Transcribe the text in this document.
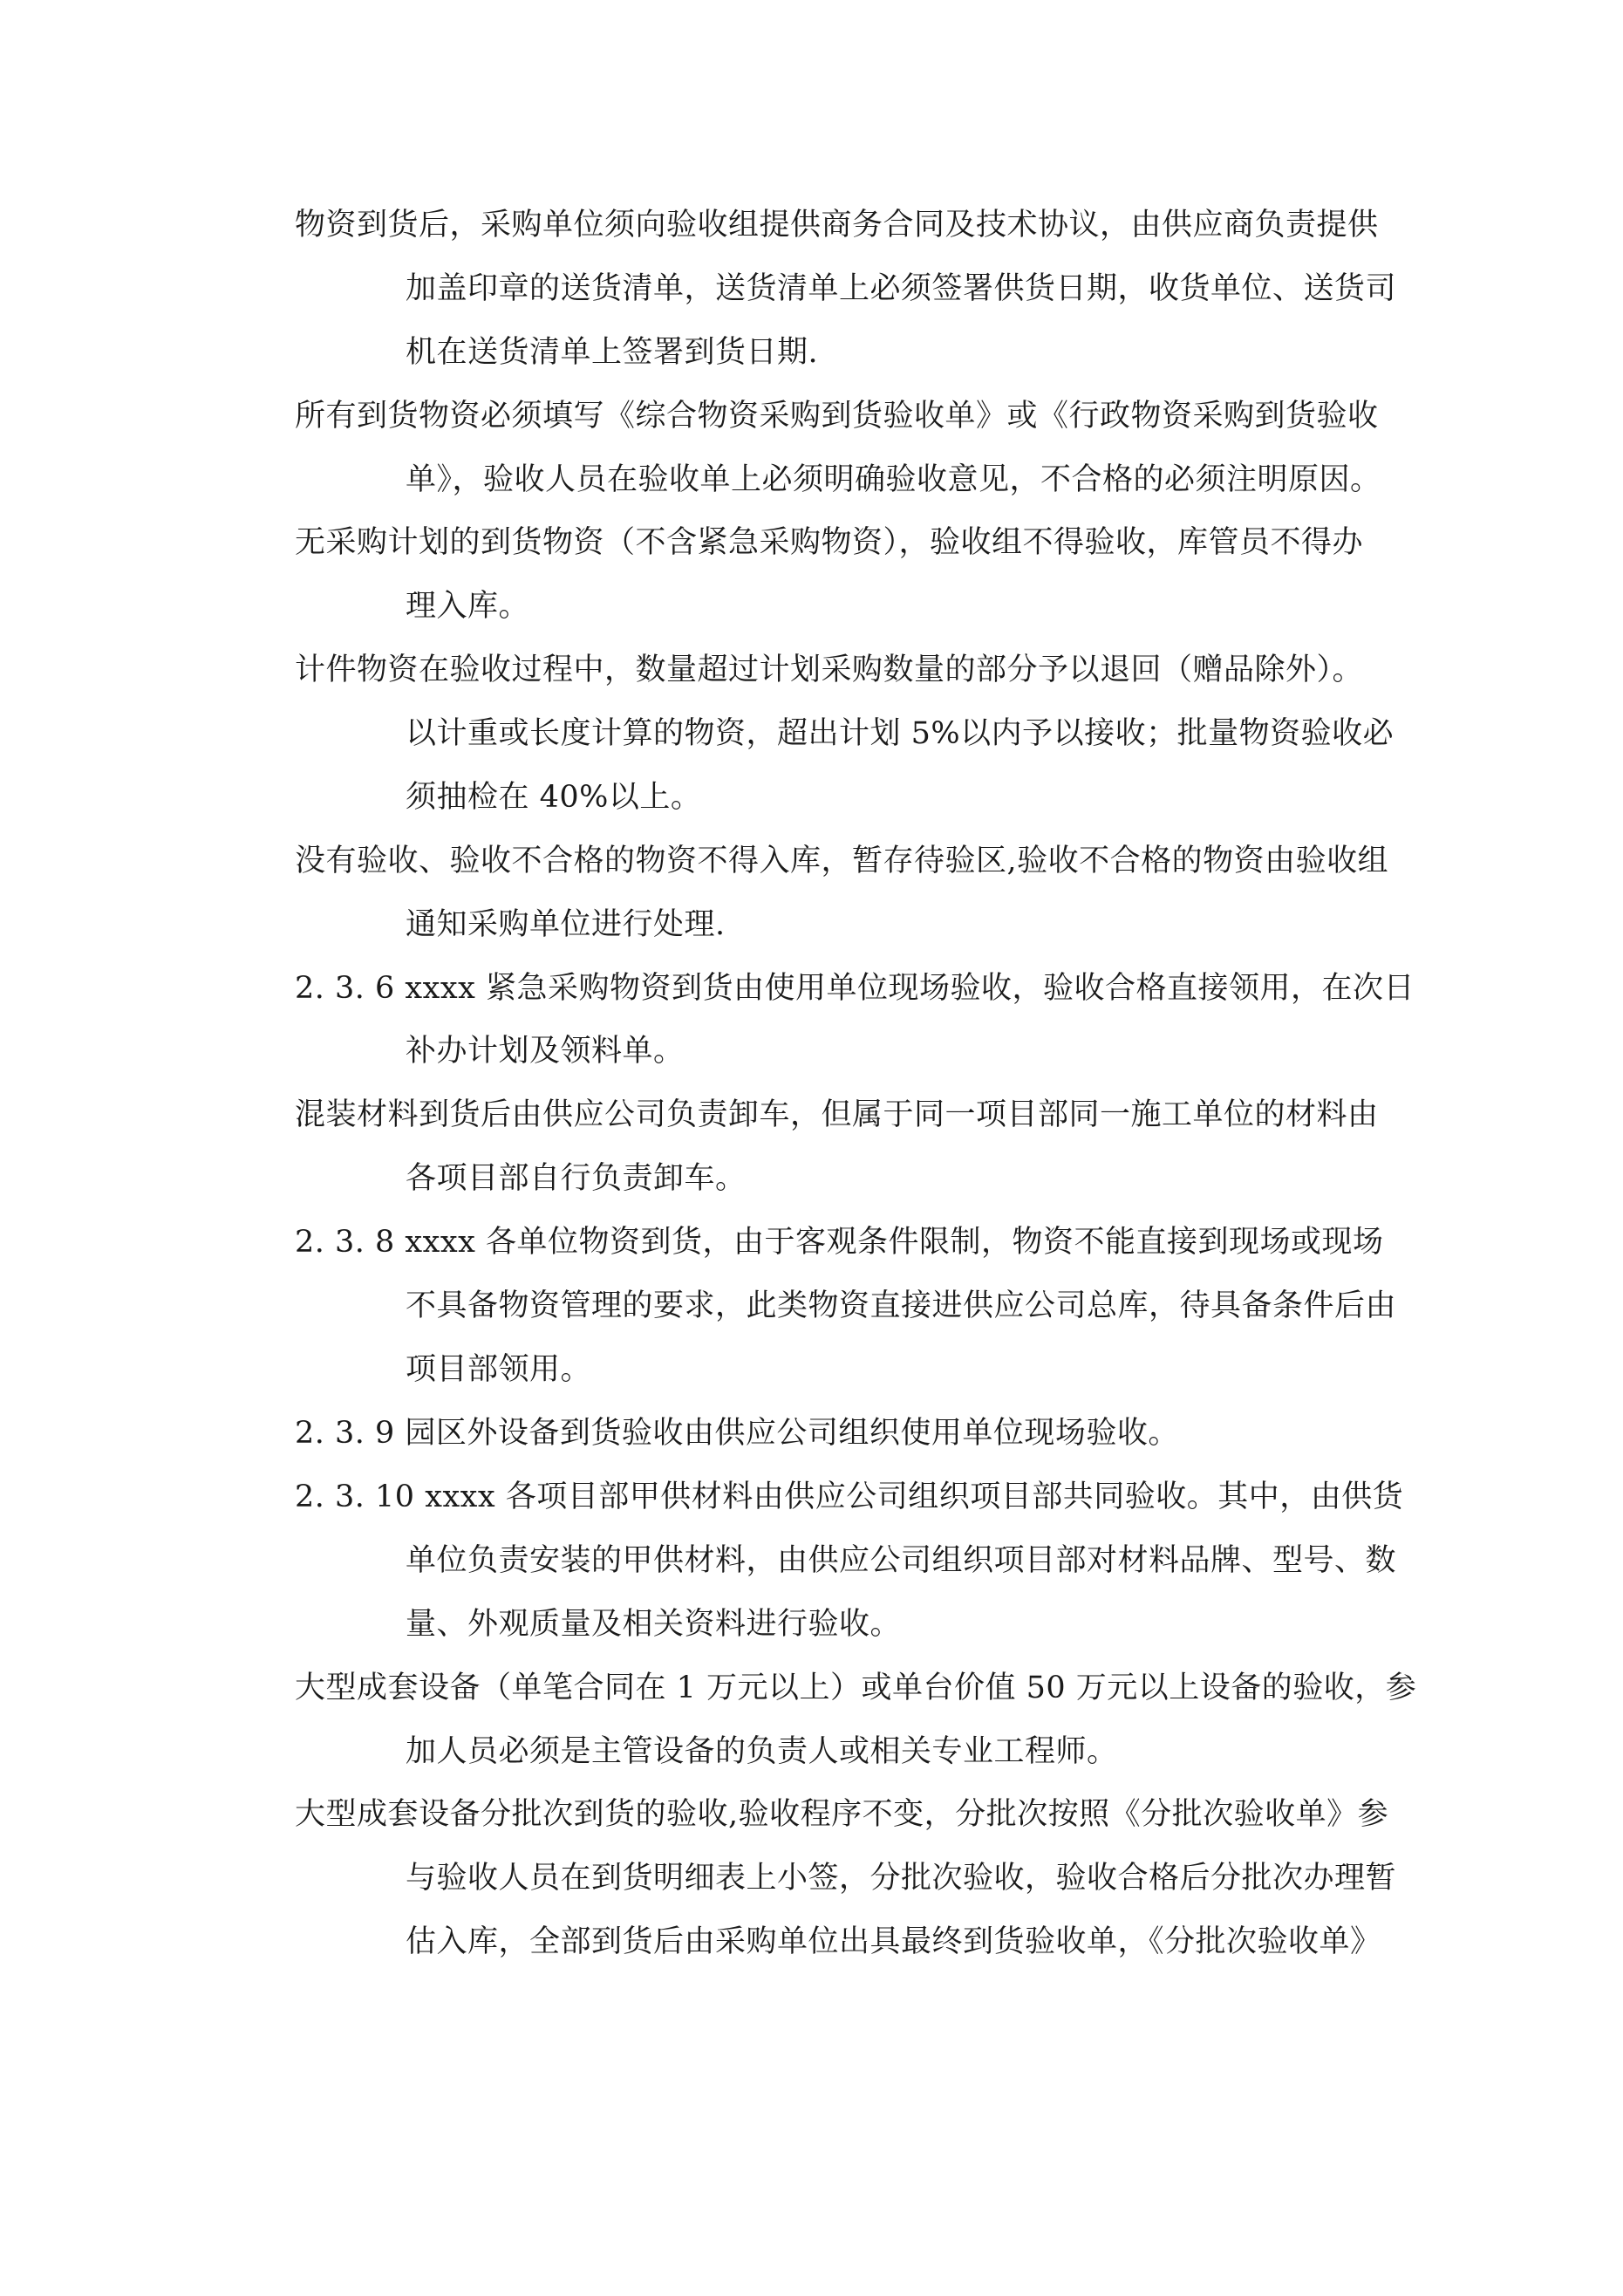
物资到货后，采购单位须向验收组提供商务合同及技术协议，由供应商负责提供
加盖印章的送货清单，送货清单上必须签署供货日期，收货单位、送货司
机在送货清单上签署到货日期.
所有到货物资必须填写《综合物资采购到货验收单》或《行政物资采购到货验收
单》，验收人员在验收单上必须明确验收意见，不合格的必须注明原因。
无采购计划的到货物资（不含紧急采购物资），验收组不得验收，库管员不得办
理入库。
计件物资在验收过程中，数量超过计划采购数量的部分予以退回（赠品除外）。
以计重或长度计算的物资，超出计划 5%以内予以接收；批量物资验收必
须抽检在 40%以上。
没有验收、验收不合格的物资不得入库，暂存待验区,验收不合格的物资由验收组
通知采购单位进行处理.
2. 3. 6 xxxx 紧急采购物资到货由使用单位现场验收，验收合格直接领用，在次日
补办计划及领料单。
混装材料到货后由供应公司负责卸车，但属于同一项目部同一施工单位的材料由
各项目部自行负责卸车。
2. 3. 8 xxxx 各单位物资到货，由于客观条件限制，物资不能直接到现场或现场
不具备物资管理的要求，此类物资直接进供应公司总库，待具备条件后由
项目部领用。
2. 3. 9 园区外设备到货验收由供应公司组织使用单位现场验收。
2. 3. 10 xxxx 各项目部甲供材料由供应公司组织项目部共同验收。其中，由供货
单位负责安装的甲供材料，由供应公司组织项目部对材料品牌、型号、数
量、外观质量及相关资料进行验收。
大型成套设备（单笔合同在 1 万元以上）或单台价值 50 万元以上设备的验收，参
加人员必须是主管设备的负责人或相关专业工程师。
大型成套设备分批次到货的验收,验收程序不变，分批次按照《分批次验收单》参
与验收人员在到货明细表上小签，分批次验收，验收合格后分批次办理暂
估入库，全部到货后由采购单位出具最终到货验收单，《分批次验收单》
